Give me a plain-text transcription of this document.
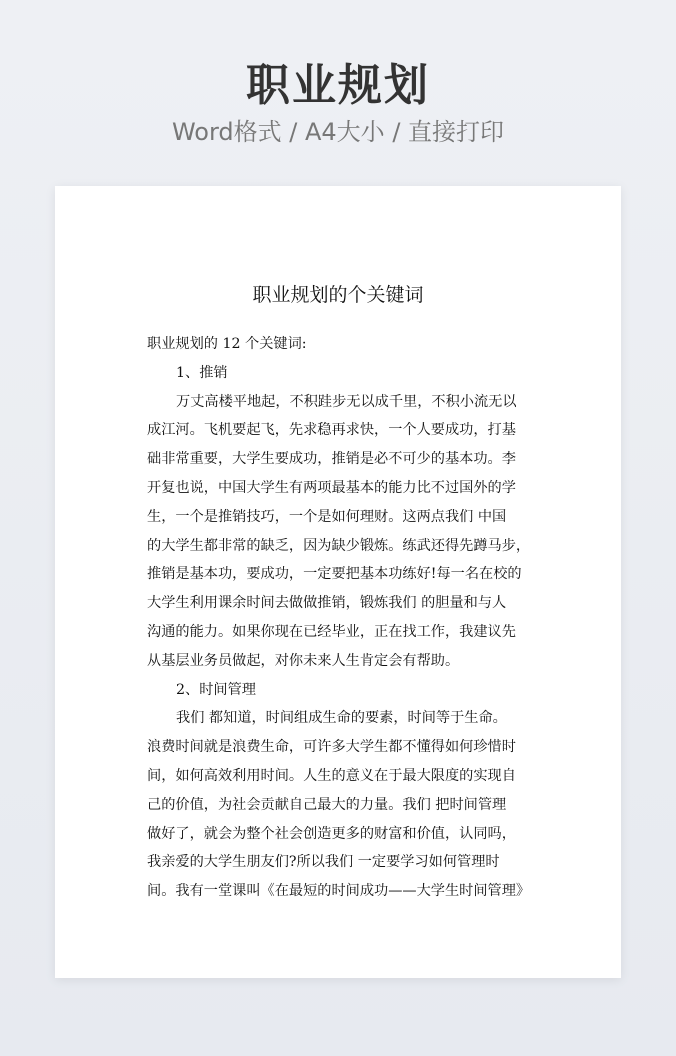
职业规划
Word格式 / A4大小 / 直接打印
职业规划的个关键词
职业规划的 12 个关键词:
1、推销
万丈高楼平地起，不积跬步无以成千里，不积小流无以
成江河。飞机要起飞，先求稳再求快，一个人要成功，打基
础非常重要，大学生要成功，推销是必不可少的基本功。李
开复也说，中国大学生有两项最基本的能力比不过国外的学
生，一个是推销技巧，一个是如何理财。这两点我们 中国
的大学生都非常的缺乏，因为缺少锻炼。练武还得先蹲马步，
推销是基本功，要成功，一定要把基本功练好!每一名在校的
大学生利用课余时间去做做推销，锻炼我们 的胆量和与人
沟通的能力。如果你现在已经毕业，正在找工作，我建议先
从基层业务员做起，对你未来人生肯定会有帮助。
2、时间管理
我们 都知道，时间组成生命的要素，时间等于生命。
浪费时间就是浪费生命，可许多大学生都不懂得如何珍惜时
间，如何高效利用时间。人生的意义在于最大限度的实现自
己的价值，为社会贡献自己最大的力量。我们 把时间管理
做好了，就会为整个社会创造更多的财富和价值，认同吗，
我亲爱的大学生朋友们?所以我们 一定要学习如何管理时
间。我有一堂课叫《在最短的时间成功——大学生时间管理》
